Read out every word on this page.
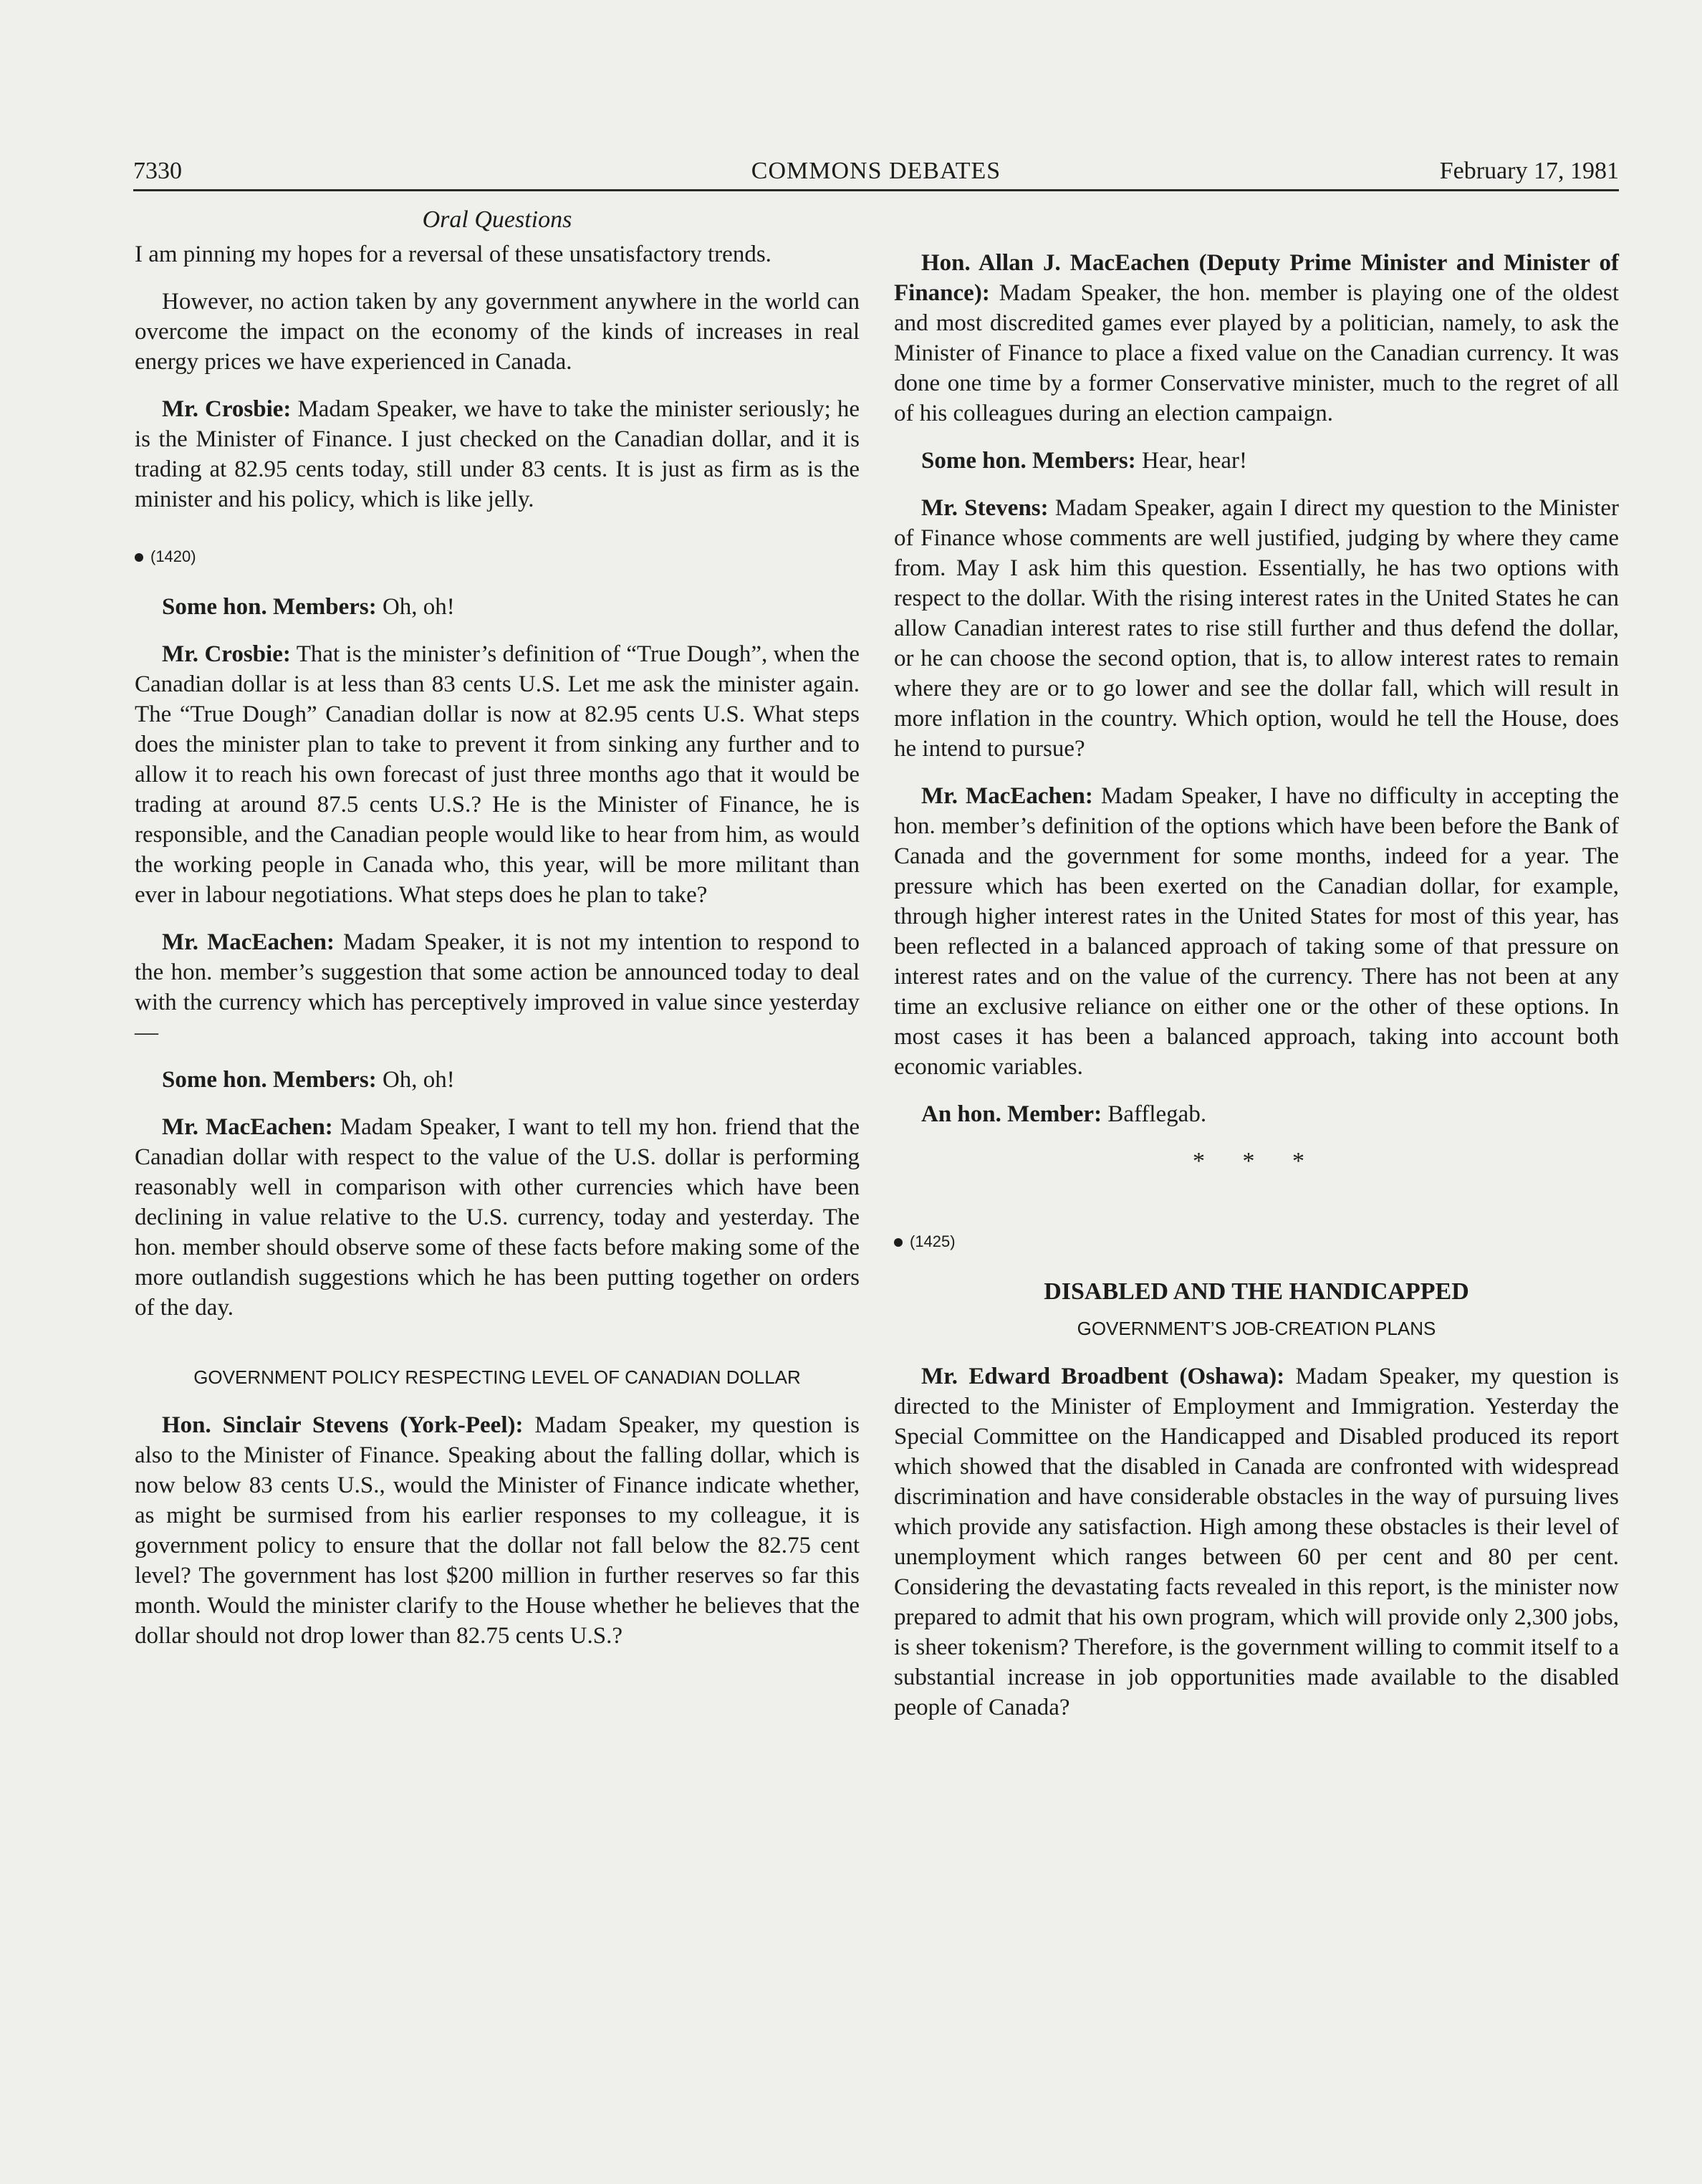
7330	COMMONS DEBATES	February 17, 1981
Oral Questions

I am pinning my hopes for a reversal of these unsatisfactory trends.

However, no action taken by any government anywhere in the world can overcome the impact on the economy of the kinds of increases in real energy prices we have experienced in Canada.

Mr. Crosbie: Madam Speaker, we have to take the minister seriously; he is the Minister of Finance. I just checked on the Canadian dollar, and it is trading at 82.95 cents today, still under 83 cents. It is just as firm as is the minister and his policy, which is like jelly.

(1420)

Some hon. Members: Oh, oh!

Mr. Crosbie: That is the minister’s definition of “True Dough”, when the Canadian dollar is at less than 83 cents U.S. Let me ask the minister again. The “True Dough” Canadian dollar is now at 82.95 cents U.S. What steps does the minister plan to take to prevent it from sinking any further and to allow it to reach his own forecast of just three months ago that it would be trading at around 87.5 cents U.S.? He is the Minister of Finance, he is responsible, and the Canadian people would like to hear from him, as would the working people in Canada who, this year, will be more militant than ever in labour negotiations. What steps does he plan to take?

Mr. MacEachen: Madam Speaker, it is not my intention to respond to the hon. member’s suggestion that some action be announced today to deal with the currency which has perceptively improved in value since yesterday—

Some hon. Members: Oh, oh!

Mr. MacEachen: Madam Speaker, I want to tell my hon. friend that the Canadian dollar with respect to the value of the U.S. dollar is performing reasonably well in comparison with other currencies which have been declining in value relative to the U.S. currency, today and yesterday. The hon. member should observe some of these facts before making some of the more outlandish suggestions which he has been putting together on orders of the day.

GOVERNMENT POLICY RESPECTING LEVEL OF CANADIAN DOLLAR

Hon. Sinclair Stevens (York-Peel): Madam Speaker, my question is also to the Minister of Finance. Speaking about the falling dollar, which is now below 83 cents U.S., would the Minister of Finance indicate whether, as might be surmised from his earlier responses to my colleague, it is government policy to ensure that the dollar not fall below the 82.75 cent level? The government has lost $200 million in further reserves so far this month. Would the minister clarify to the House whether he believes that the dollar should not drop lower than 82.75 cents U.S.?

Hon. Allan J. MacEachen (Deputy Prime Minister and Minister of Finance): Madam Speaker, the hon. member is playing one of the oldest and most discredited games ever played by a politician, namely, to ask the Minister of Finance to place a fixed value on the Canadian currency. It was done one time by a former Conservative minister, much to the regret of all of his colleagues during an election campaign.

Some hon. Members: Hear, hear!

Mr. Stevens: Madam Speaker, again I direct my question to the Minister of Finance whose comments are well justified, judging by where they came from. May I ask him this question. Essentially, he has two options with respect to the dollar. With the rising interest rates in the United States he can allow Canadian interest rates to rise still further and thus defend the dollar, or he can choose the second option, that is, to allow interest rates to remain where they are or to go lower and see the dollar fall, which will result in more inflation in the country. Which option, would he tell the House, does he intend to pursue?

Mr. MacEachen: Madam Speaker, I have no difficulty in accepting the hon. member’s definition of the options which have been before the Bank of Canada and the government for some months, indeed for a year. The pressure which has been exerted on the Canadian dollar, for example, through higher interest rates in the United States for most of this year, has been reflected in a balanced approach of taking some of that pressure on interest rates and on the value of the currency. There has not been at any time an exclusive reliance on either one or the other of these options. In most cases it has been a balanced approach, taking into account both economic variables.

An hon. Member: Bafflegab.

* * *
(1425)
DISABLED AND THE HANDICAPPED
GOVERNMENT’S JOB-CREATION PLANS

Mr. Edward Broadbent (Oshawa): Madam Speaker, my question is directed to the Minister of Employment and Immigration. Yesterday the Special Committee on the Handicapped and Disabled produced its report which showed that the disabled in Canada are confronted with widespread discrimination and have considerable obstacles in the way of pursuing lives which provide any satisfaction. High among these obstacles is their level of unemployment which ranges between 60 per cent and 80 per cent. Considering the devastating facts revealed in this report, is the minister now prepared to admit that his own program, which will provide only 2,300 jobs, is sheer tokenism? Therefore, is the government willing to commit itself to a substantial increase in job opportunities made available to the disabled people of Canada?
